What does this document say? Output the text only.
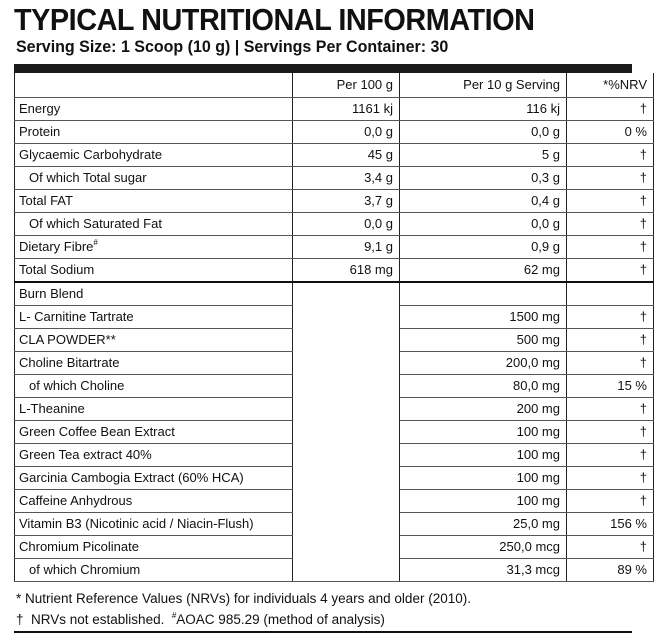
TYPICAL NUTRITIONAL INFORMATION
Serving Size: 1 Scoop (10 g) | Servings Per Container: 30
	Per 100 g	Per 10 g Serving	*%NRV
Energy	1161 kj	116 kj	†
Protein	0,0 g	0,0 g	0 %
Glycaemic Carbohydrate	45 g	5 g	†
Of which Total sugar	3,4 g	0,3 g	†
Total FAT	3,7 g	0,4 g	†
Of which Saturated Fat	0,0 g	0,0 g	†
Dietary Fibre#	9,1 g	0,9 g	†
Total Sodium	618 mg	62 mg	†
Burn Blend			
L- Carnitine Tartrate		1500 mg	†
CLA POWDER**		500 mg	†
Choline Bitartrate		200,0 mg	†
of which Choline		80,0 mg	15 %
L-Theanine		200 mg	†
Green Coffee Bean Extract		100 mg	†
Green Tea extract 40%		100 mg	†
Garcinia Cambogia Extract (60% HCA)		100 mg	†
Caffeine Anhydrous		100 mg	†
Vitamin B3 (Nicotinic acid / Niacin-Flush)		25,0 mg	156 %
Chromium Picolinate		250,0 mcg	†
of which Chromium		31,3 mcg	89 %
* Nutrient Reference Values (NRVs) for individuals 4 years and older (2010).
†  NRVs not established.  #AOAC 985.29 (method of analysis)
